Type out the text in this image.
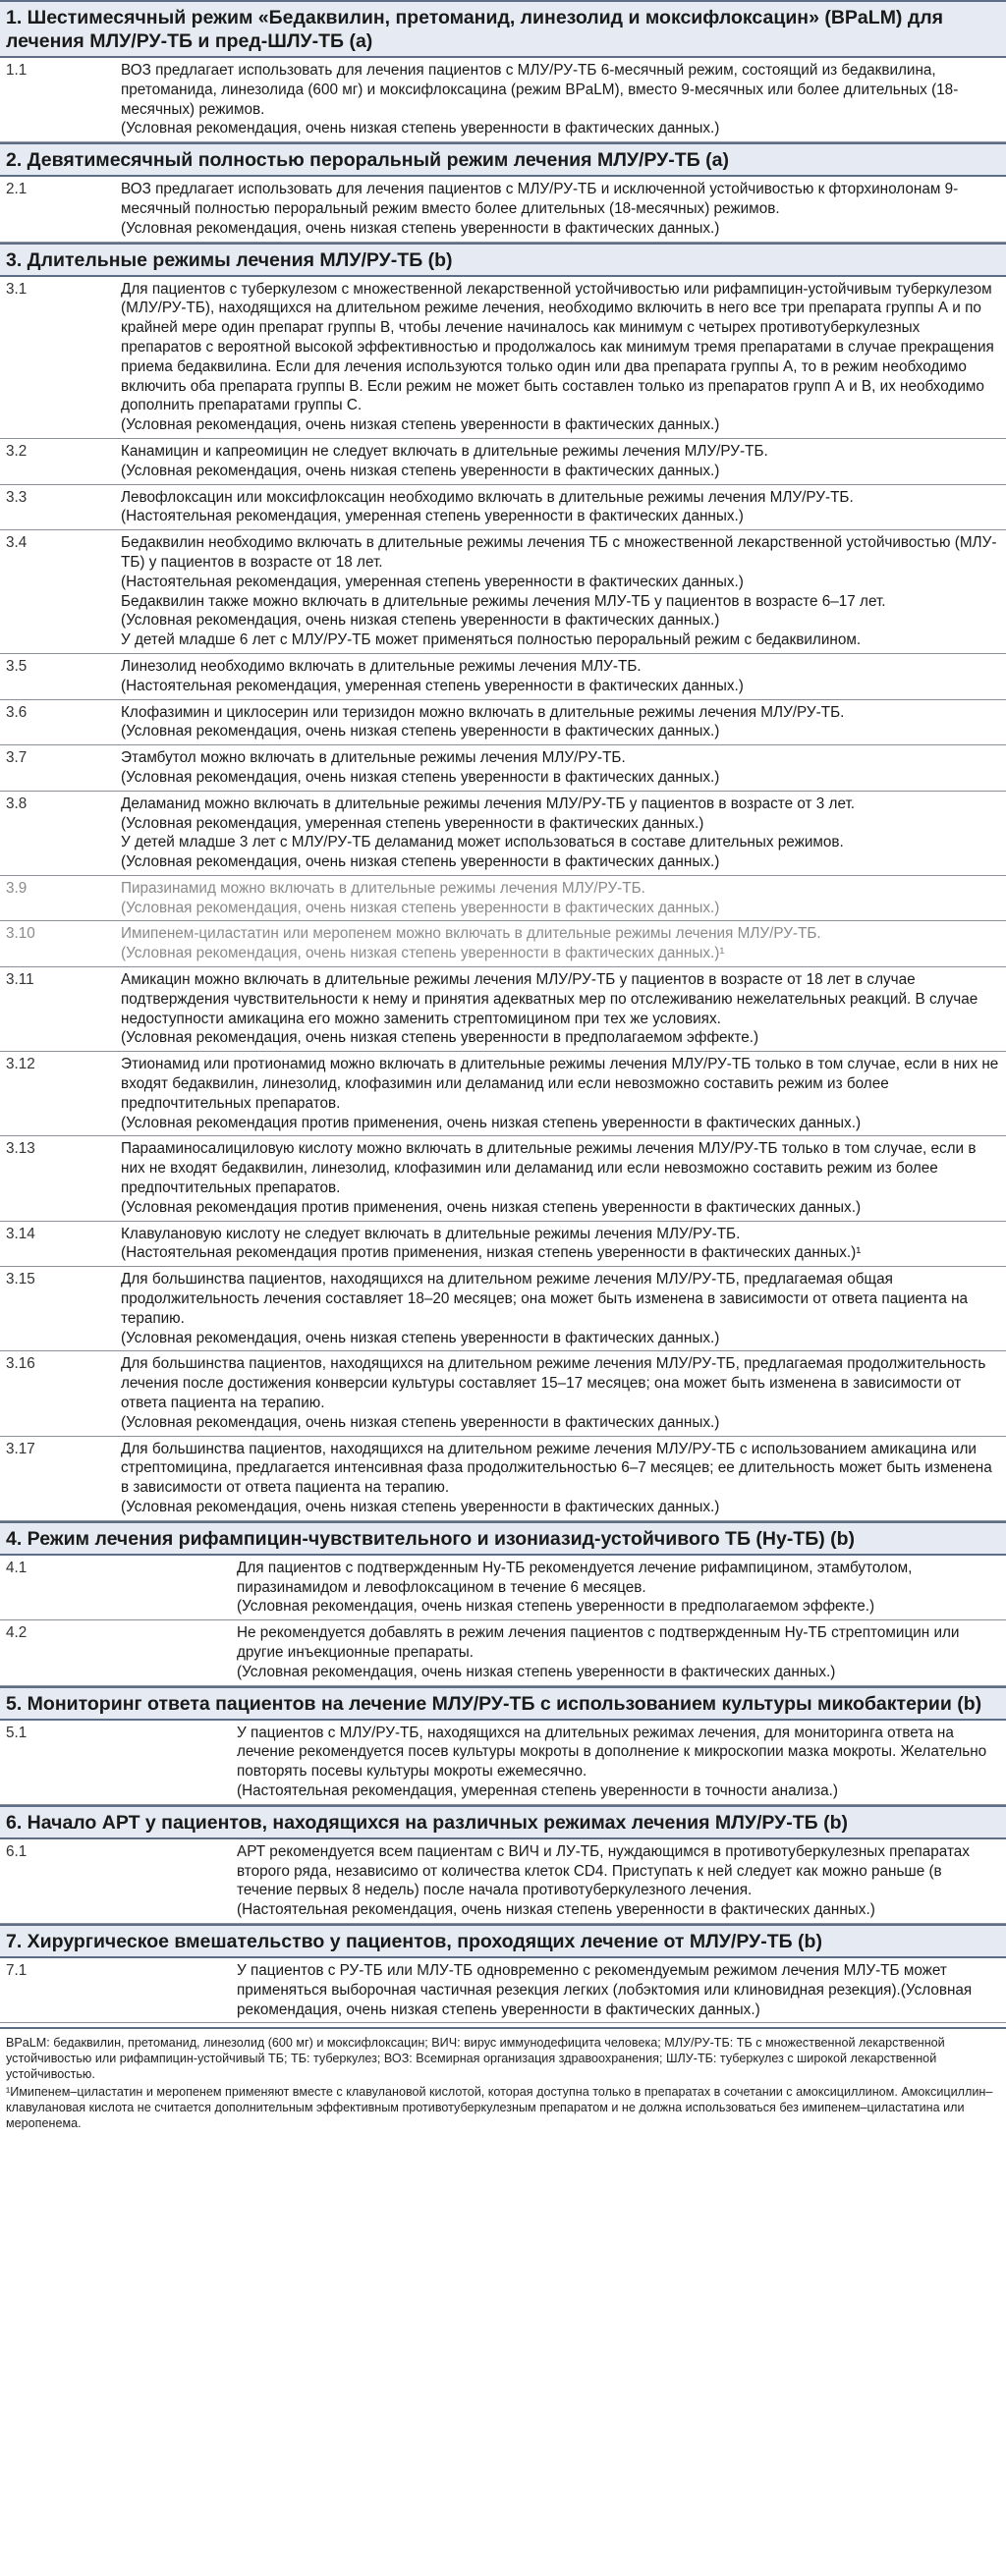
1. Шестимесячный режим «Бедаквилин, претоманид, линезолид и моксифлоксацин» (BPaLM) для лечения МЛУ/РУ-ТБ и пред-ШЛУ-ТБ (a)
1.1	ВОЗ предлагает использовать для лечения пациентов с МЛУ/РУ-ТБ 6-месячный режим, состоящий из бедаквилина, претоманида, линезолида (600 мг) и моксифлоксацина (режим BPaLM), вместо 9-месячных или более длительных (18-месячных) режимов.
(Условная рекомендация, очень низкая степень уверенности в фактических данных.)
2. Девятимесячный полностью пероральный режим лечения МЛУ/РУ-ТБ (a)
2.1	ВОЗ предлагает использовать для лечения пациентов с МЛУ/РУ-ТБ и исключенной устойчивостью к фторхинолонам 9-месячный полностью пероральный режим вместо более длительных (18-месячных) режимов.
(Условная рекомендация, очень низкая степень уверенности в фактических данных.)
3. Длительные режимы лечения МЛУ/РУ-ТБ (b)
3.1	Для пациентов с туберкулезом с множественной лекарственной устойчивостью или рифампицин-устойчивым туберкулезом (МЛУ/РУ-ТБ), находящихся на длительном режиме лечения, необходимо включить в него все три препарата группы А и по крайней мере один препарат группы В, чтобы лечение начиналось как минимум с четырех противотуберкулезных препаратов с вероятной высокой эффективностью и продолжалось как минимум тремя препаратами в случае прекращения приема бедаквилина. Если для лечения используются только один или два препарата группы А, то в режим необходимо включить оба препарата группы В. Если режим не может быть составлен только из препаратов групп А и В, их необходимо дополнить препаратами группы С.
(Условная рекомендация, очень низкая степень уверенности в фактических данных.)
3.2	Канамицин и капреомицин не следует включать в длительные режимы лечения МЛУ/РУ-ТБ.
(Условная рекомендация, очень низкая степень уверенности в фактических данных.)
3.3	Левофлоксацин или моксифлоксацин необходимо включать в длительные режимы лечения МЛУ/РУ-ТБ.
(Настоятельная рекомендация, умеренная степень уверенности в фактических данных.)
3.4	Бедаквилин необходимо включать в длительные режимы лечения ТБ с множественной лекарственной устойчивостью (МЛУ-ТБ) у пациентов в возрасте от 18 лет.
(Настоятельная рекомендация, умеренная степень уверенности в фактических данных.)
Бедаквилин также можно включать в длительные режимы лечения МЛУ-ТБ у пациентов в возрасте 6–17 лет.
(Условная рекомендация, очень низкая степень уверенности в фактических данных.)
У детей младше 6 лет с МЛУ/РУ-ТБ может применяться полностью пероральный режим с бедаквилином.
3.5	Линезолид необходимо включать в длительные режимы лечения МЛУ-ТБ.
(Настоятельная рекомендация, умеренная степень уверенности в фактических данных.)
3.6	Клофазимин и циклосерин или теризидон можно включать в длительные режимы лечения МЛУ/РУ-ТБ.
(Условная рекомендация, очень низкая степень уверенности в фактических данных.)
3.7	Этамбутол можно включать в длительные режимы лечения МЛУ/РУ-ТБ.
(Условная рекомендация, очень низкая степень уверенности в фактических данных.)
3.8	Деламанид можно включать в длительные режимы лечения МЛУ/РУ-ТБ у пациентов в возрасте от 3 лет.
(Условная рекомендация, умеренная степень уверенности в фактических данных.)
У детей младше 3 лет с МЛУ/РУ-ТБ деламанид может использоваться в составе длительных режимов.
(Условная рекомендация, очень низкая степень уверенности в фактических данных.)
3.9	Пиразинамид можно включать в длительные режимы лечения МЛУ/РУ-ТБ.
(Условная рекомендация, очень низкая степень уверенности в фактических данных.)
3.10	Имипенем-циластатин или меропенем можно включать в длительные режимы лечения МЛУ/РУ-ТБ.
(Условная рекомендация, очень низкая степень уверенности в фактических данных.)¹
3.11	Амикацин можно включать в длительные режимы лечения МЛУ/РУ-ТБ у пациентов в возрасте от 18 лет в случае подтверждения чувствительности к нему и принятия адекватных мер по отслеживанию нежелательных реакций. В случае недоступности амикацина его можно заменить стрептомицином при тех же условиях.
(Условная рекомендация, очень низкая степень уверенности в предполагаемом эффекте.)
3.12	Этионамид или протионамид можно включать в длительные режимы лечения МЛУ/РУ-ТБ только в том случае, если в них не входят бедаквилин, линезолид, клофазимин или деламанид или если невозможно составить режим из более предпочтительных препаратов.
(Условная рекомендация против применения, очень низкая степень уверенности в фактических данных.)
3.13	Парааминосалициловую кислоту можно включать в длительные режимы лечения МЛУ/РУ-ТБ только в том случае, если в них не входят бедаквилин, линезолид, клофазимин или деламанид или если невозможно составить режим из более предпочтительных препаратов.
(Условная рекомендация против применения, очень низкая степень уверенности в фактических данных.)
3.14	Клавулановую кислоту не следует включать в длительные режимы лечения МЛУ/РУ-ТБ.
(Настоятельная рекомендация против применения, низкая степень уверенности в фактических данных.)¹
3.15	Для большинства пациентов, находящихся на длительном режиме лечения МЛУ/РУ-ТБ, предлагаемая общая продолжительность лечения составляет 18–20 месяцев; она может быть изменена в зависимости от ответа пациента на терапию.
(Условная рекомендация, очень низкая степень уверенности в фактических данных.)
3.16	Для большинства пациентов, находящихся на длительном режиме лечения МЛУ/РУ-ТБ, предлагаемая продолжительность лечения после достижения конверсии культуры составляет 15–17 месяцев; она может быть изменена в зависимости от ответа пациента на терапию.
(Условная рекомендация, очень низкая степень уверенности в фактических данных.)
3.17	Для большинства пациентов, находящихся на длительном режиме лечения МЛУ/РУ-ТБ с использованием амикацина или стрептомицина, предлагается интенсивная фаза продолжительностью 6–7 месяцев; ее длительность может быть изменена в зависимости от ответа пациента на терапию.
(Условная рекомендация, очень низкая степень уверенности в фактических данных.)
4. Режим лечения рифампицин-чувствительного и изониазид-устойчивого ТБ (Hу-ТБ) (b)
4.1	Для пациентов с подтвержденным Hу-ТБ рекомендуется лечение рифампицином, этамбутолом, пиразинамидом и левофлоксацином в течение 6 месяцев.
(Условная рекомендация, очень низкая степень уверенности в предполагаемом эффекте.)
4.2	Не рекомендуется добавлять в режим лечения пациентов с подтвержденным Hу-ТБ стрептомицин или другие инъекционные препараты.
(Условная рекомендация, очень низкая степень уверенности в фактических данных.)
5. Мониторинг ответа пациентов на лечение МЛУ/РУ-ТБ с использованием культуры микобактерии (b)
5.1	У пациентов с МЛУ/РУ-ТБ, находящихся на длительных режимах лечения, для мониторинга ответа на лечение рекомендуется посев культуры мокроты в дополнение к микроскопии мазка мокроты. Желательно повторять посевы культуры мокроты ежемесячно.
(Настоятельная рекомендация, умеренная степень уверенности в точности анализа.)
6. Начало АРТ у пациентов, находящихся на различных режимах лечения МЛУ/РУ-ТБ (b)
6.1	АРТ рекомендуется всем пациентам с ВИЧ и ЛУ-ТБ, нуждающимся в противотуберкулезных препаратах второго ряда, независимо от количества клеток CD4. Приступать к ней следует как можно раньше (в течение первых 8 недель) после начала противотуберкулезного лечения.
(Настоятельная рекомендация, очень низкая степень уверенности в фактических данных.)
7. Хирургическое вмешательство у пациентов, проходящих лечение от МЛУ/РУ-ТБ (b)
7.1	У пациентов с РУ-ТБ или МЛУ-ТБ одновременно с рекомендуемым режимом лечения МЛУ-ТБ может применяться выборочная частичная резекция легких (лобэктомия или клиновидная резекция).(Условная рекомендация, очень низкая степень уверенности в фактических данных.)

BPaLM: бедаквилин, претоманид, линезолид (600 мг) и моксифлоксацин; ВИЧ: вирус иммунодефицита человека; МЛУ/РУ-ТБ: ТБ с множественной лекарственной устойчивостью или рифампицин-устойчивый ТБ; ТБ: туберкулез; ВОЗ: Всемирная организация здравоохранения; ШЛУ-ТБ: туберкулез с широкой лекарственной устойчивостью.

¹Имипенем–циластатин и меропенем применяют вместе с клавулановой кислотой, которая доступна только в препаратах в сочетании с амоксициллином. Амоксициллин–клавулановая кислота не считается дополнительным эффективным противотуберкулезным препаратом и не должна использоваться без имипенем–циластатина или меропенема.
